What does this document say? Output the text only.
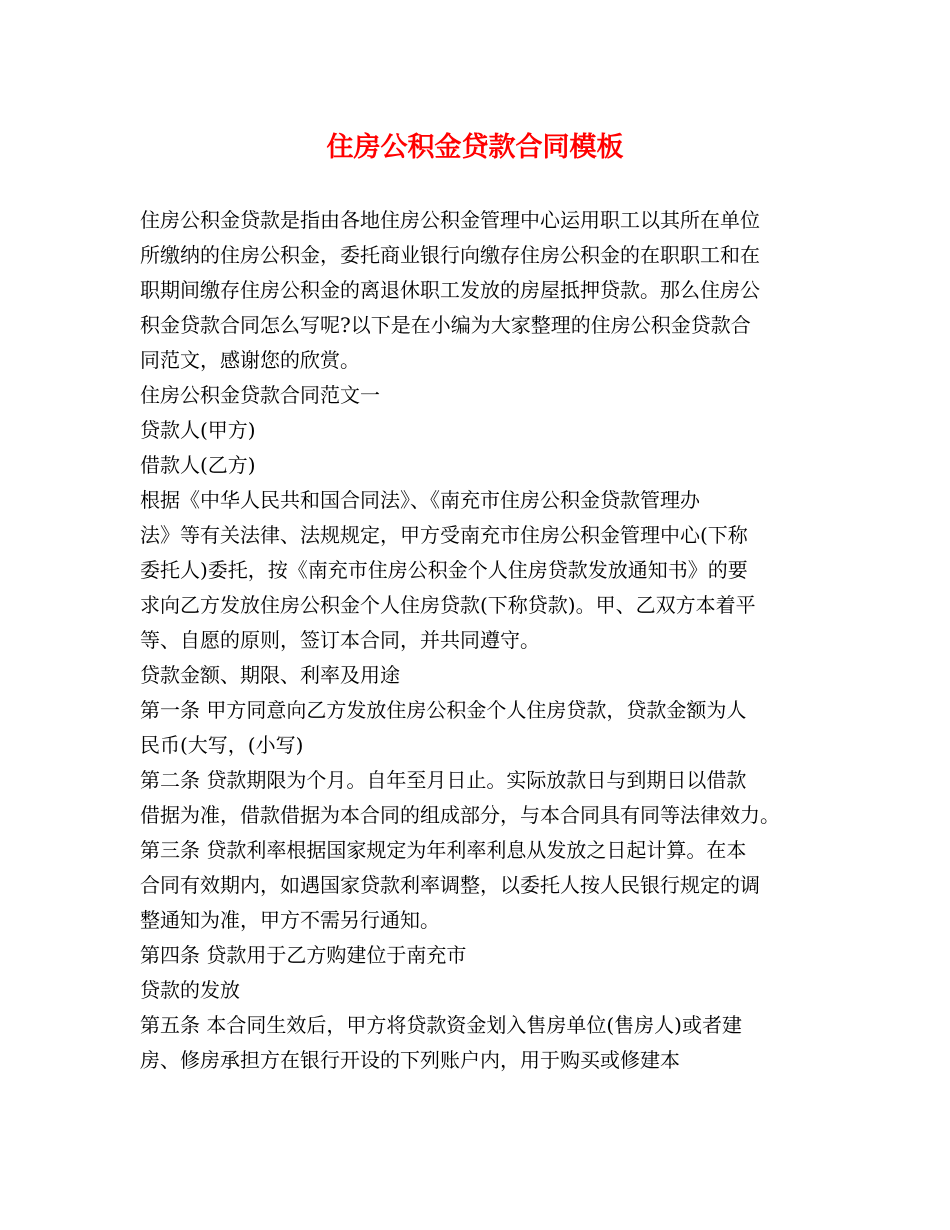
住房公积金贷款合同模板
住房公积金贷款是指由各地住房公积金管理中心运用职工以其所在单位
所缴纳的住房公积金，委托商业银行向缴存住房公积金的在职职工和在
职期间缴存住房公积金的离退休职工发放的房屋抵押贷款。那么住房公
积金贷款合同怎么写呢?以下是在小编为大家整理的住房公积金贷款合
同范文，感谢您的欣赏。
住房公积金贷款合同范文一
贷款人(甲方)
借款人(乙方)
根据《中华人民共和国合同法》、《南充市住房公积金贷款管理办
法》等有关法律、法规规定，甲方受南充市住房公积金管理中心(下称
委托人)委托，按《南充市住房公积金个人住房贷款发放通知书》的要
求向乙方发放住房公积金个人住房贷款(下称贷款)。甲、乙双方本着平
等、自愿的原则，签订本合同，并共同遵守。
贷款金额、期限、利率及用途
第一条 甲方同意向乙方发放住房公积金个人住房贷款，贷款金额为人
民币(大写，(小写)
第二条 贷款期限为个月。自年至月日止。实际放款日与到期日以借款
借据为准，借款借据为本合同的组成部分，与本合同具有同等法律效力。
第三条 贷款利率根据国家规定为年利率利息从发放之日起计算。在本
合同有效期内，如遇国家贷款利率调整，以委托人按人民银行规定的调
整通知为准，甲方不需另行通知。
第四条 贷款用于乙方购建位于南充市
贷款的发放
第五条 本合同生效后，甲方将贷款资金划入售房单位(售房人)或者建
房、修房承担方在银行开设的下列账户内，用于购买或修建本
